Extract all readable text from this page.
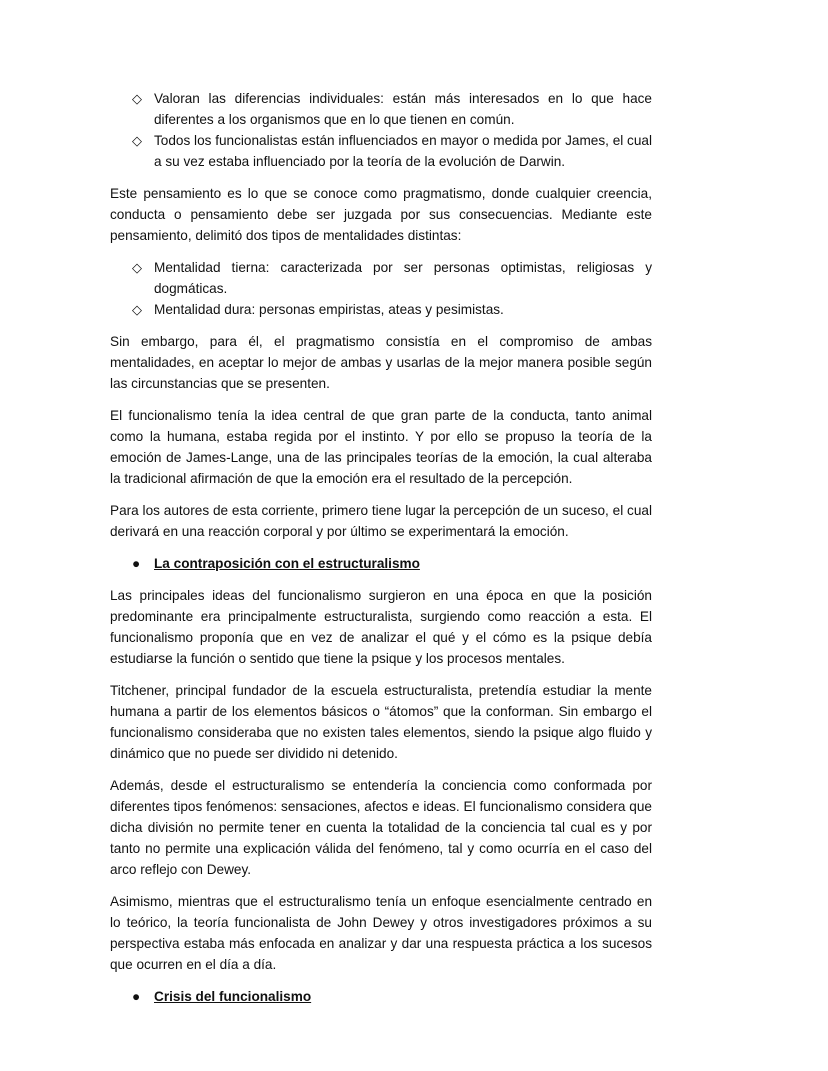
◇ Valoran las diferencias individuales: están más interesados en lo que hace diferentes a los organismos que en lo que tienen en común.
◇ Todos los funcionalistas están influenciados en mayor o medida por James, el cual a su vez estaba influenciado por la teoría de la evolución de Darwin.

Este pensamiento es lo que se conoce como pragmatismo, donde cualquier creencia, conducta o pensamiento debe ser juzgada por sus consecuencias. Mediante este pensamiento, delimitó dos tipos de mentalidades distintas:

◇ Mentalidad tierna: caracterizada por ser personas optimistas, religiosas y dogmáticas.
◇ Mentalidad dura: personas empiristas, ateas y pesimistas.

Sin embargo, para él, el pragmatismo consistía en el compromiso de ambas mentalidades, en aceptar lo mejor de ambas y usarlas de la mejor manera posible según las circunstancias que se presenten.

El funcionalismo tenía la idea central de que gran parte de la conducta, tanto animal como la humana, estaba regida por el instinto. Y por ello se propuso la teoría de la emoción de James-Lange, una de las principales teorías de la emoción, la cual alteraba la tradicional afirmación de que la emoción era el resultado de la percepción.

Para los autores de esta corriente, primero tiene lugar la percepción de un suceso, el cual derivará en una reacción corporal y por último se experimentará la emoción.

● La contraposición con el estructuralismo

Las principales ideas del funcionalismo surgieron en una época en que la posición predominante era principalmente estructuralista, surgiendo como reacción a esta. El funcionalismo proponía que en vez de analizar el qué y el cómo es la psique debía estudiarse la función o sentido que tiene la psique y los procesos mentales.

Titchener, principal fundador de la escuela estructuralista, pretendía estudiar la mente humana a partir de los elementos básicos o “átomos” que la conforman. Sin embargo el funcionalismo consideraba que no existen tales elementos, siendo la psique algo fluido y dinámico que no puede ser dividido ni detenido.

Además, desde el estructuralismo se entendería la conciencia como conformada por diferentes tipos fenómenos: sensaciones, afectos e ideas. El funcionalismo considera que dicha división no permite tener en cuenta la totalidad de la conciencia tal cual es y por tanto no permite una explicación válida del fenómeno, tal y como ocurría en el caso del arco reflejo con Dewey.

Asimismo, mientras que el estructuralismo tenía un enfoque esencialmente centrado en lo teórico, la teoría funcionalista de John Dewey y otros investigadores próximos a su perspectiva estaba más enfocada en analizar y dar una respuesta práctica a los sucesos que ocurren en el día a día.

● Crisis del funcionalismo
